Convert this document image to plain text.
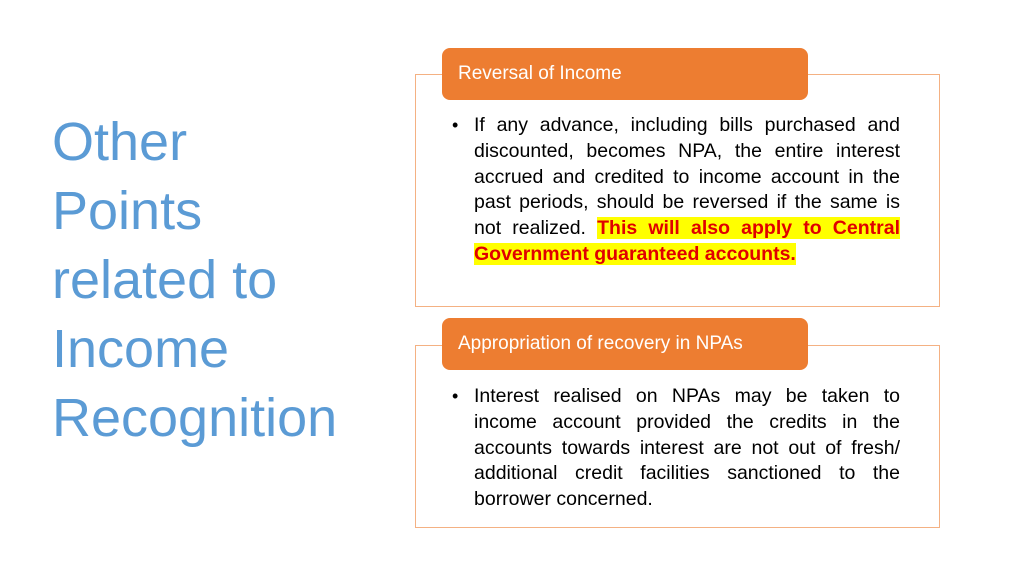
Other
Points
related to
Income
Recognition
Reversal of Income
• If any advance, including bills purchased and discounted, becomes NPA, the entire interest accrued and credited to income account in the past periods, should be reversed if the same is not realized. This will also apply to Central Government guaranteed accounts.
Appropriation of recovery in NPAs
• Interest realised on NPAs may be taken to income account provided the credits in the accounts towards interest are not out of fresh/ additional credit facilities sanctioned to the borrower concerned.
